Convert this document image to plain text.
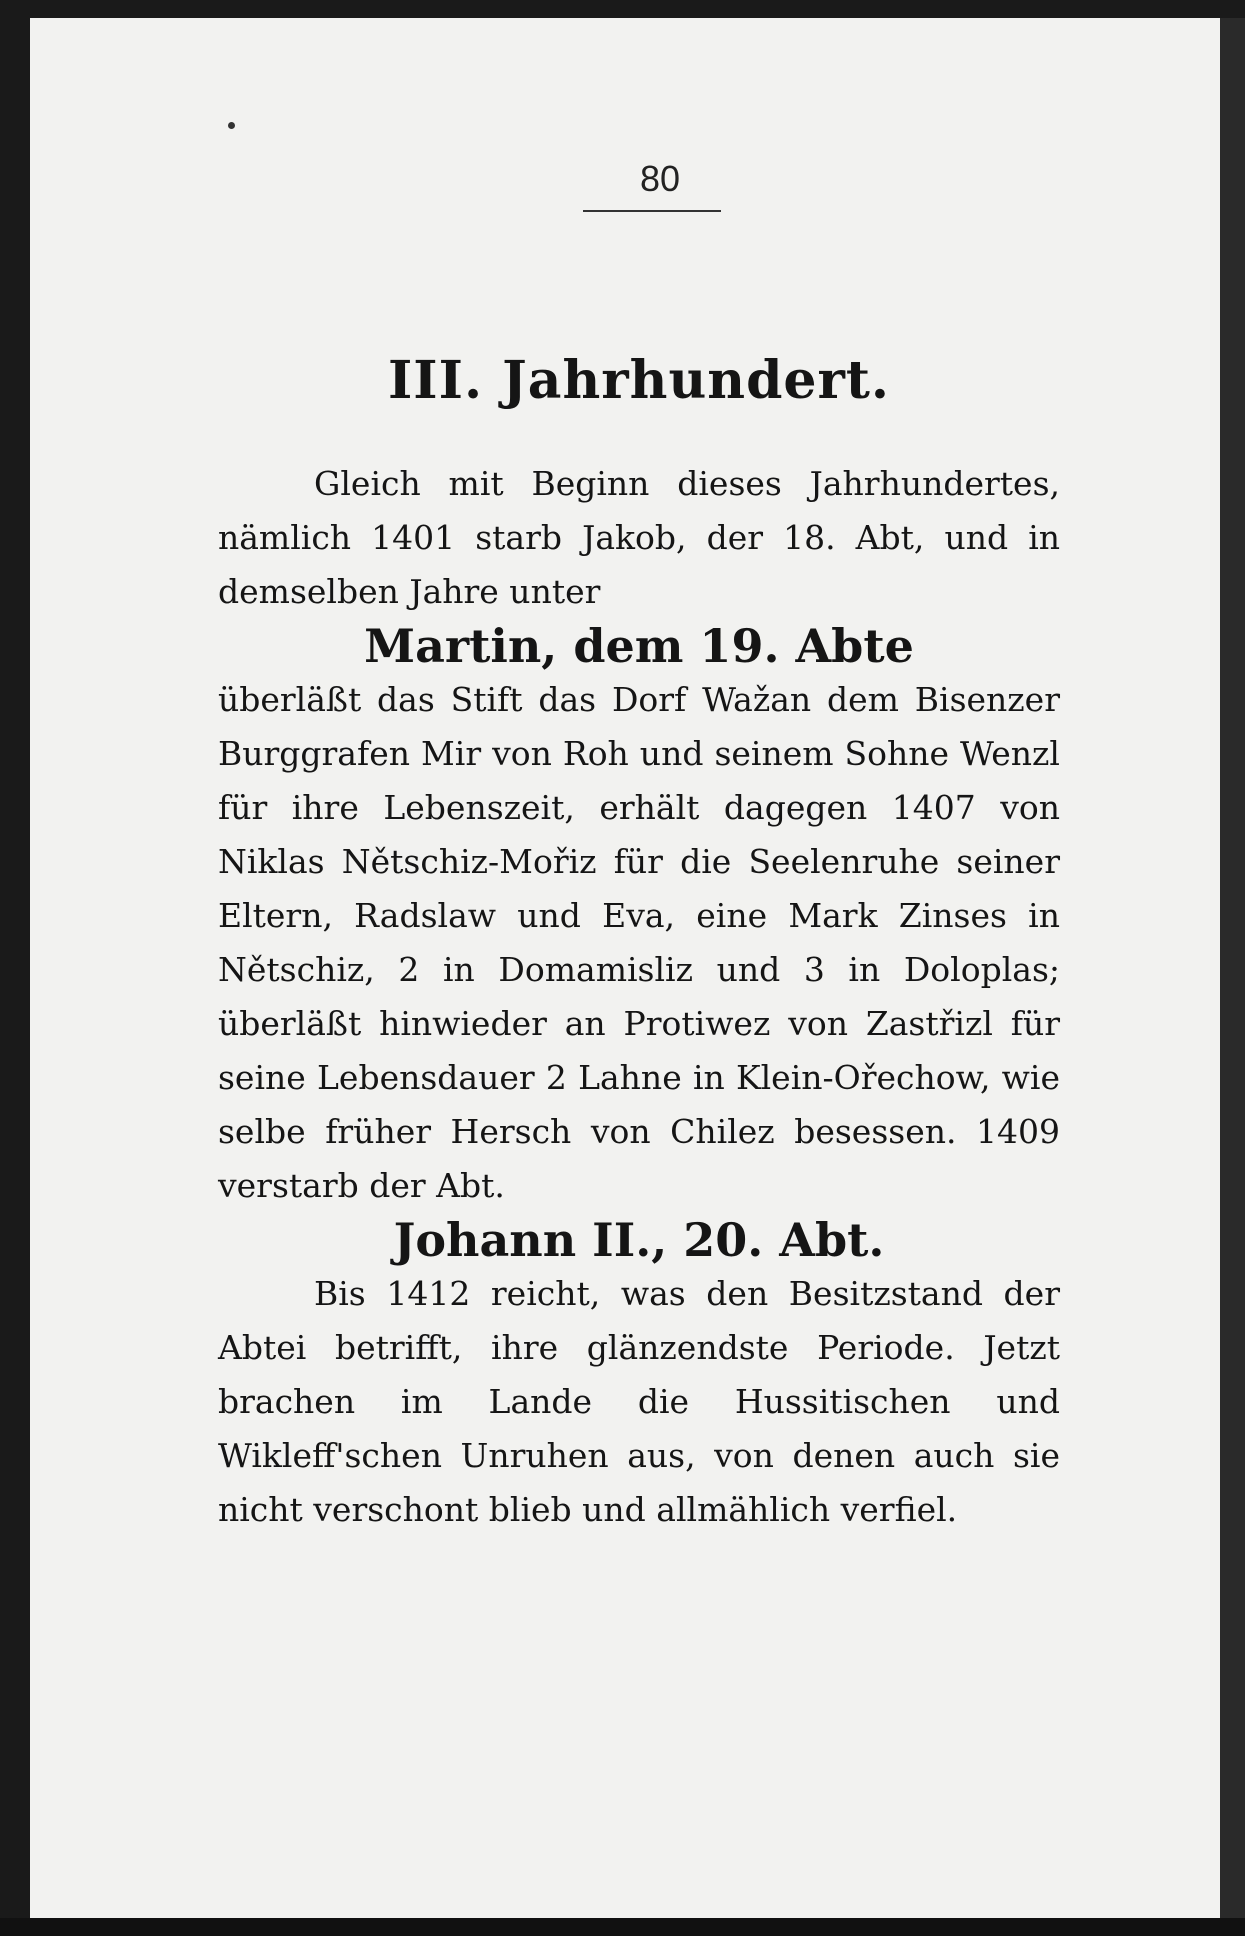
80
III. Jahrhundert.

Gleich mit Beginn dieses Jahrhundertes, nämlich 1401 starb Jakob, der 18. Abt, und in demselben Jahre unter

Martin, dem 19. Abte

überläßt das Stift das Dorf Wažan dem Bisenzer Burggrafen Mir von Roh und seinem Sohne Wenzl für ihre Lebenszeit, erhält dagegen 1407 von Niklas Nětschiz-Mořiz für die Seelenruhe seiner Eltern, Radslaw und Eva, eine Mark Zinses in Nětschiz, 2 in Domamisliz und 3 in Doloplas; überläßt hinwieder an Protiwez von Zastřizl für seine Lebensdauer 2 Lahne in Klein-Ořechow, wie selbe früher Hersch von Chilez besessen. 1409 verstarb der Abt.

Johann II., 20. Abt.

Bis 1412 reicht, was den Besitzstand der Abtei betrifft, ihre glänzendste Periode. Jetzt brachen im Lande die Hussitischen und Wikleff'schen Unruhen aus, von denen auch sie nicht verschont blieb und allmählich verfiel.
